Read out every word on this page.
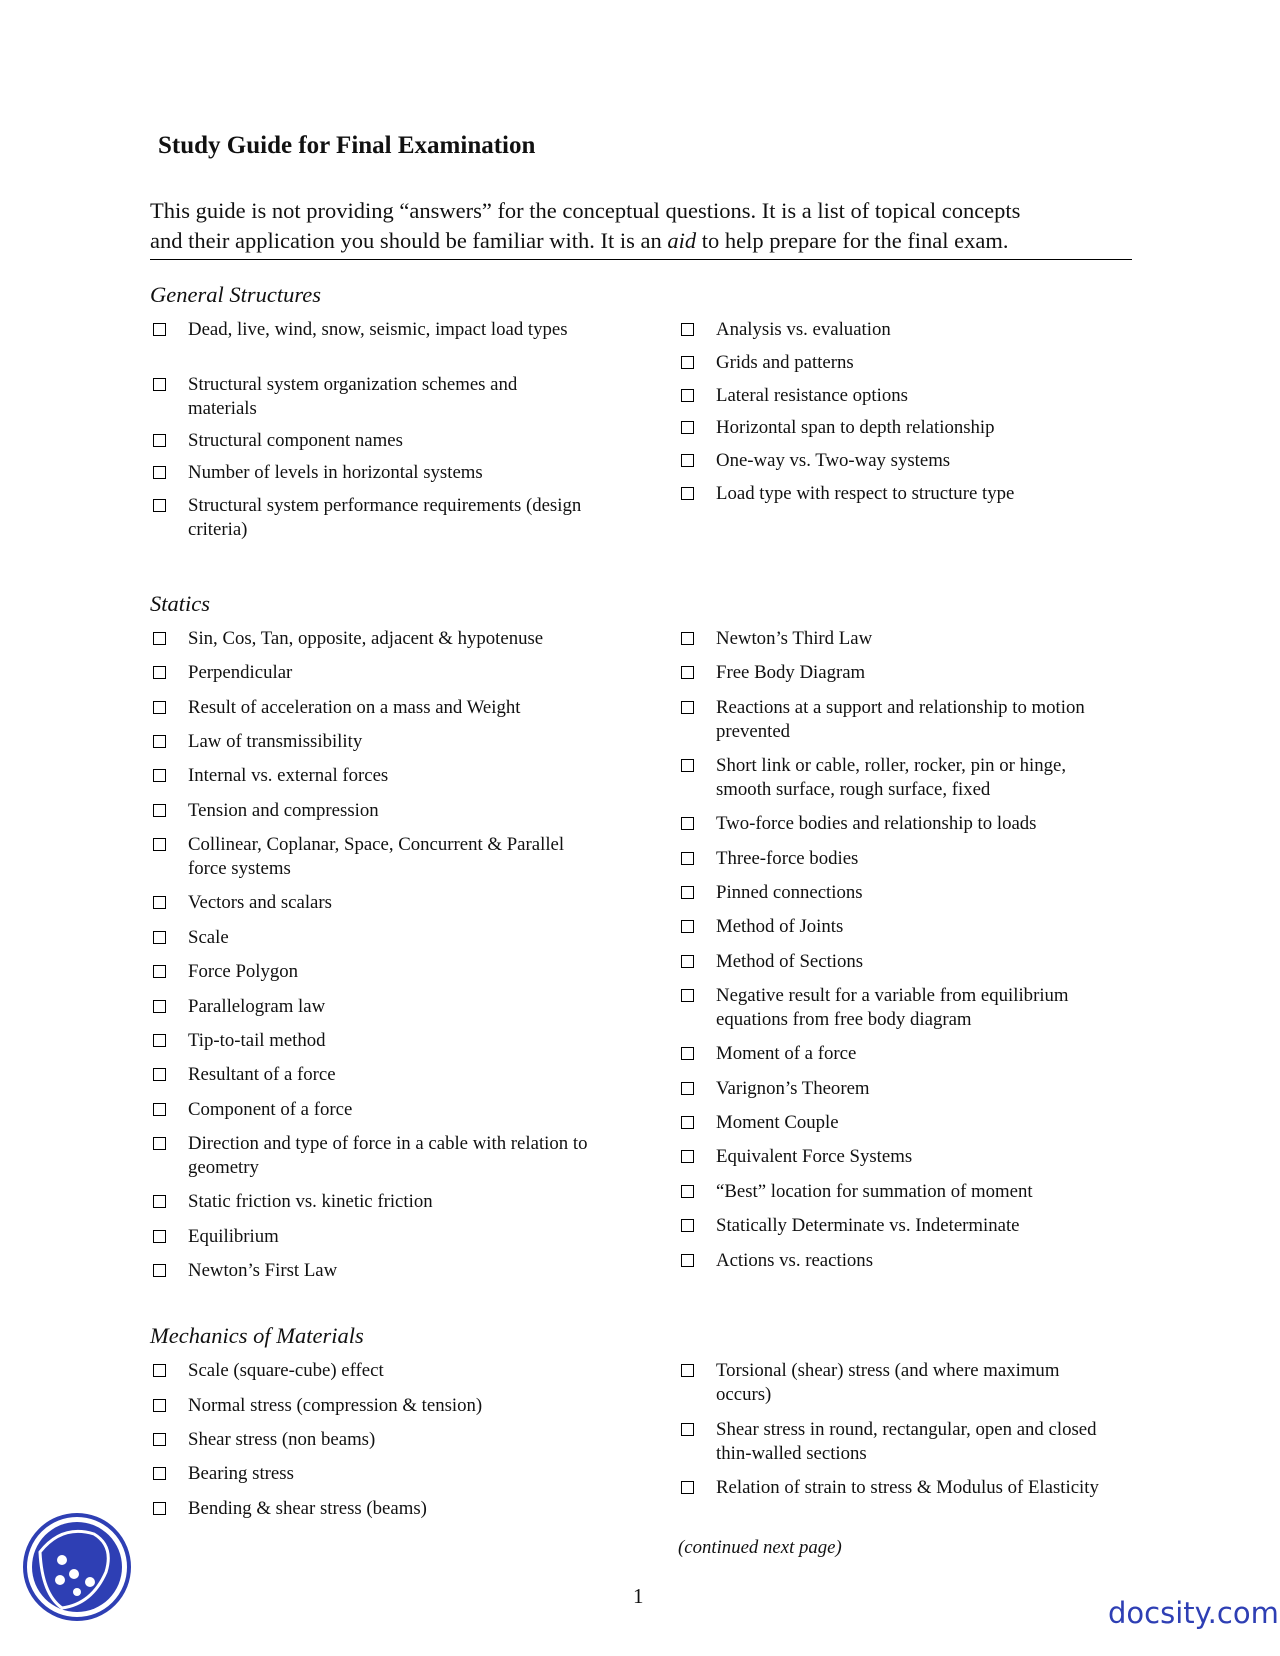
Study Guide for Final Examination

This guide is not providing “answers” for the conceptual questions. It is a list of topical concepts

and their application you should be familiar with. It is an aid to help prepare for the final exam.

General Structures
Dead, live, wind, snow, seismic, impact load types
Structural system organization schemes and materials
Structural component names
Number of levels in horizontal systems
Structural system performance requirements (design criteria)
Analysis vs. evaluation
Grids and patterns
Lateral resistance options
Horizontal span to depth relationship
One-way vs. Two-way systems
Load type with respect to structure type
Statics
Sin, Cos, Tan, opposite, adjacent & hypotenuse
Perpendicular
Result of acceleration on a mass and Weight
Law of transmissibility
Internal vs. external forces
Tension and compression
Collinear, Coplanar, Space, Concurrent & Parallel force systems
Vectors and scalars
Scale
Force Polygon
Parallelogram law
Tip-to-tail method
Resultant of a force
Component of a force
Direction and type of force in a cable with relation to geometry
Static friction vs. kinetic friction
Equilibrium
Newton’s First Law
Newton’s Third Law
Free Body Diagram
Reactions at a support and relationship to motion prevented
Short link or cable, roller, rocker, pin or hinge, smooth surface, rough surface, fixed
Two-force bodies and relationship to loads
Three-force bodies
Pinned connections
Method of Joints
Method of Sections
Negative result for a variable from equilibrium equations from free body diagram
Moment of a force
Varignon’s Theorem
Moment Couple
Equivalent Force Systems
“Best” location for summation of moment
Statically Determinate vs. Indeterminate
Actions vs. reactions
Mechanics of Materials
Scale (square-cube) effect
Normal stress (compression & tension)
Shear stress (non beams)
Bearing stress
Bending & shear stress (beams)
Torsional (shear) stress (and where maximum occurs)
Shear stress in round, rectangular, open and closed thin-walled sections
Relation of strain to stress & Modulus of Elasticity
(continued next page)
1	docsity.com
